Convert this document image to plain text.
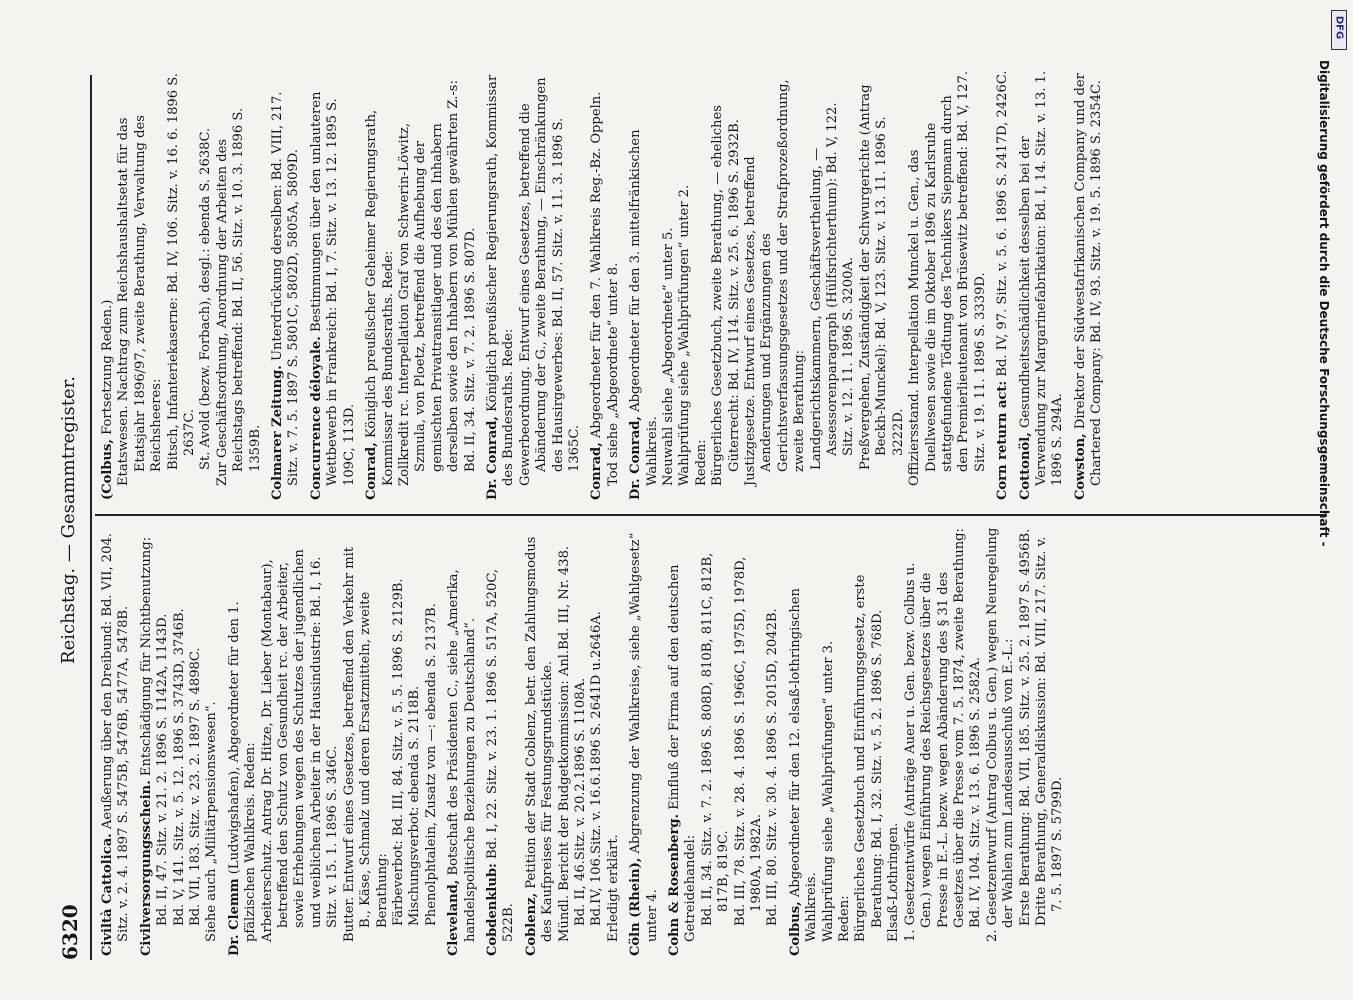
6320
Reichstag. — Gesammtregister.
Civiltà Cattolica. Aeußerung über den Dreibund: Bd. VII, 204. Sitz. v. 2. 4. 1897 S. 5475B, 5476B, 5477A, 5478B. Civilversorgungsschein. Entschädigung für Nichtbenutzung: Bd. II, 47. Sitz. v. 21. 2. 1896 S. 1142A, 1143D. Bd. V, 141. Sitz. v. 5. 12. 1896 S. 3743D, 3746B. Bd. VII, 183. Sitz. v. 23. 2. 1897 S. 4898C. Siehe auch „Militärpensionswesen“. Dr. Clemm (Ludwigshafen), Abgeordneter für den 1. pfälzischen Wahlkreis. Reden: Arbeiterschutz. Antrag Dr. Hitze, Dr. Lieber (Montabaur), betreffend den Schutz von Gesundheit rc. der Arbeiter, sowie Erhebungen wegen des Schutzes der jugendlichen und weiblichen Arbeiter in der Hausindustrie: Bd. I, 16. Sitz. v. 15. 1. 1896 S. 346C. Butter. Entwurf eines Gesetzes, betreffend den Verkehr mit B., Käse, Schmalz und deren Ersatzmitteln, zweite Berathung: Färbeverbot: Bd. III, 84. Sitz. v. 5. 5. 1896 S. 2129B. Mischungsverbot: ebenda S. 2118B. Phenolphtalein, Zusatz von —: ebenda S. 2137B. Cleveland, Botschaft des Präsidenten C., siehe „Amerika, handelspolitische Beziehungen zu Deutschland“. Cobdenklub: Bd. I, 22. Sitz. v. 23. 1. 1896 S. 517A, 520C, 522B. Coblenz, Petition der Stadt Coblenz, betr. den Zahlungsmodus des Kaufpreises für Festungsgrundstücke. Mündl. Bericht der Budgetkommission: Anl.Bd. III, Nr. 438. Bd. II, 46.Sitz. v. 20.2.1896 S. 1108A. Bd.IV, 106.Sitz. v. 16.6.1896 S. 2641D u.2646A. Erledigt erklärt. Cöln (Rhein), Abgrenzung der Wahlkreise, siehe „Wahlgesetz“ unter 4. Cohn & Rosenberg. Einfluß der Firma auf den deutschen Getreidehandel: Bd. II, 34. Sitz. v. 7. 2. 1896 S. 808D, 810B, 811C, 812B, 817B, 819C. Bd. III, 78. Sitz. v. 28. 4. 1896 S. 1966C, 1975D, 1978D, 1980A, 1982A. Bd. III, 80. Sitz. v. 30. 4. 1896 S. 2015D, 2042B.
Colbus, Abgeordneter für den 12. elsaß-lothringischen Wahlkreis. Wahlprüfung siehe „Wahlprüfungen“ unter 3. Reden: Bürgerliches Gesetzbuch und Einführungsgesetz, erste Berathung: Bd. I, 32. Sitz. v. 5. 2. 1896 S. 768D. Elsaß-Lothringen. 1. Gesetzentwürfe (Anträge Auer u. Gen. bezw. Colbus u. Gen.) wegen Einführung des Reichsgesetzes über die Presse in E.-L. bezw. wegen Abänderung des § 31 des Gesetzes über die Presse vom 7. 5. 1874, zweite Berathung: Bd. IV, 104. Sitz. v. 13. 6. 1896 S. 2582A. 2. Gesetzentwurf (Antrag Colbus u. Gen.) wegen Neuregelung der Wahlen zum Landesausschuß von E.-L.: Erste Berathung: Bd. VII, 185. Sitz. v. 25. 2. 1897 S. 4956B. Dritte Berathung, Generaldiskussion: Bd. VIII, 217. Sitz. v. 7. 5. 1897 S. 5799D.
(Colbus, Fortsetzung Reden.) Etatswesen. Nachtrag zum Reichshaushaltsetat für das Etatsjahr 1896/97, zweite Berathung, Verwaltung des Reichsheeres: Bitsch, Infanteriekaserne: Bd. IV, 106. Sitz. v. 16. 6. 1896 S. 2637C. St. Avold (bezw. Forbach), desgl.: ebenda S. 2638C. Zur Geschäftsordnung, Anordnung der Arbeiten des Reichstags betreffend: Bd. II, 56. Sitz. v. 10. 3. 1896 S. 1359B. Colmarer Zeitung. Unterdrückung derselben: Bd. VIII, 217. Sitz. v. 7. 5. 1897 S. 5801C, 5802D, 5805A, 5809D. Concurrence déloyale. Bestimmungen über den unlauteren Wettbewerb in Frankreich: Bd. I, 7. Sitz. v. 13. 12. 1895 S. 109C, 113D. Conrad, Königlich preußischer Geheimer Regierungsrath, Kommissar des Bundesraths. Rede: Zollkredit rc. Interpellation Graf von Schwerin-Löwitz, Szmula, von Ploetz, betreffend die Aufhebung der gemischten Privattransitlager und des den Inhabern derselben sowie den Inhabern von Mühlen gewährten Z.-s: Bd. II, 34. Sitz. v. 7. 2. 1896 S. 807D. Dr. Conrad, Königlich preußischer Regierungsrath, Kommissar des Bundesraths. Rede: Gewerbeordnung. Entwurf eines Gesetzes, betreffend die Abänderung der G., zweite Berathung, — Einschränkungen des Hausirgewerbes: Bd. II, 57. Sitz. v. 11. 3. 1896 S. 1365C. Conrad, Abgeordneter für den 7. Wahlkreis Reg.-Bz. Oppeln. Tod siehe „Abgeordnete“ unter 8. Dr. Conrad, Abgeordneter für den 3. mittelfränkischen Wahlkreis. Neuwahl siehe „Abgeordnete“ unter 5. Wahlprüfung siehe „Wahlprüfungen“ unter 2. Reden: Bürgerliches Gesetzbuch, zweite Berathung, — eheliches Güterrecht: Bd. IV, 114. Sitz. v. 25. 6. 1896 S. 2932B. Justizgesetze. Entwurf eines Gesetzes, betreffend Aenderungen und Ergänzungen des Gerichtsverfassungsgesetzes und der Strafprozeßordnung, zweite Berathung: Landgerichtskammern, Geschäftsvertheilung, — Assessorenparagraph (Hülfsrichterthum): Bd. V, 122. Sitz. v. 12. 11. 1896 S. 3200A. Preßvergehen, Zuständigkeit der Schwurgerichte (Antrag Beckh-Munckel): Bd. V, 123. Sitz. v. 13. 11. 1896 S. 3222D. Offiziersstand. Interpellation Munckel u. Gen., das Duellwesen sowie die im Oktober 1896 zu Karlsruhe stattgefundene Tödtung des Technikers Siepmann durch den Premierlieutenant von Brüsewitz betreffend: Bd. V, 127. Sitz. v. 19. 11. 1896 S. 3339D. Corn return act: Bd. IV, 97. Sitz. v. 5. 6. 1896 S. 2417D, 2426C.
Cottonöl, Gesundheitsschädlichkeit desselben bei der Verwendung zur Margarinefabrikation: Bd. I, 14. Sitz. v. 13. 1. 1896 S. 294A. Cowston, Direktor der Südwestafrikanischen Company und der Chartered Company: Bd. IV, 93. Sitz. v. 19. 5. 1896 S. 2354C.	Digitalisierung gefördert durch die Deutsche Forschungsgemeinschaft -
DFG
